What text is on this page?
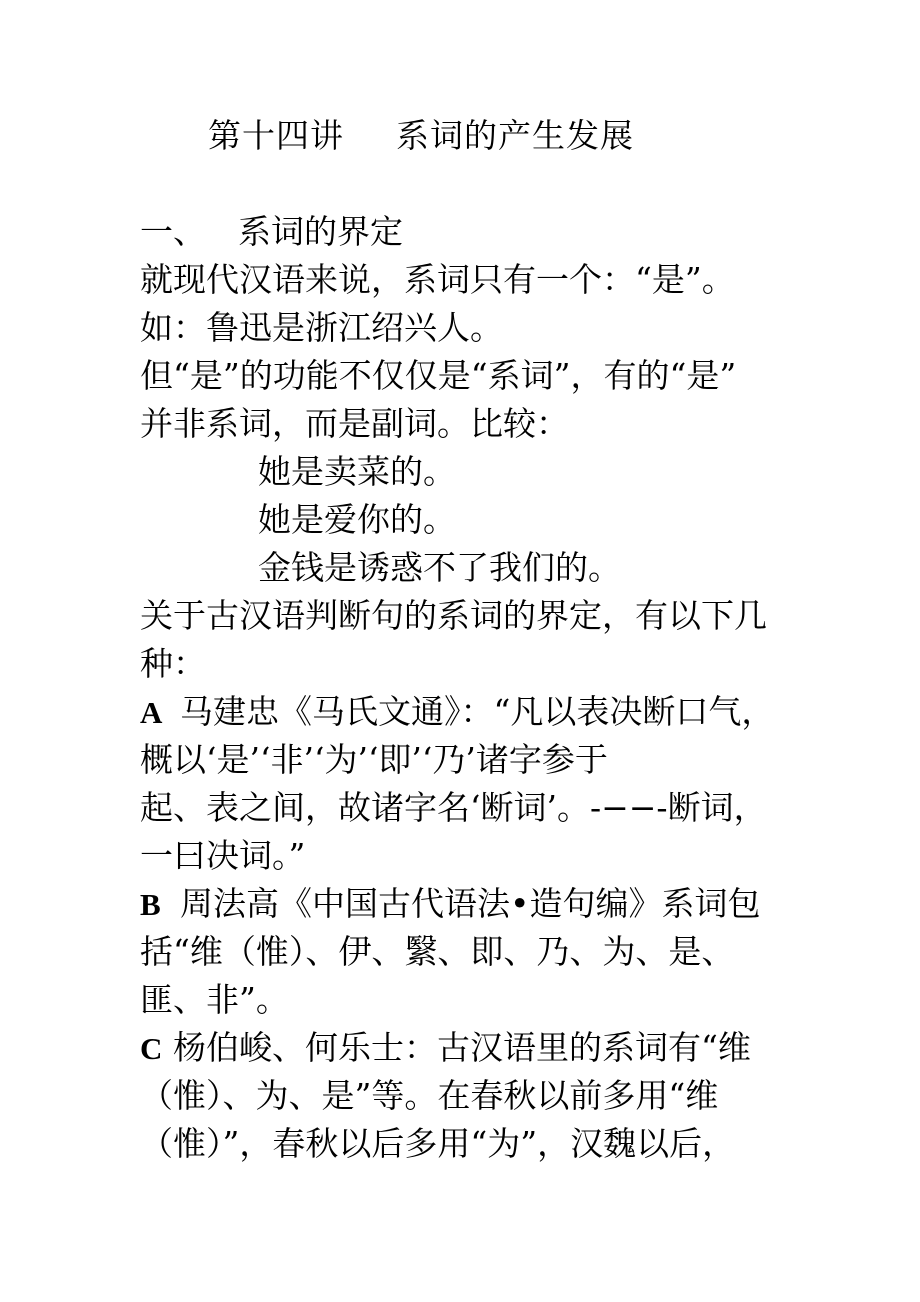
第十四讲 系词的产生发展
一、 系词的界定
就现代汉语来说，系词只有一个：“是”。
如：鲁迅是浙江绍兴人。
但“是”的功能不仅仅是“系词”，有的“是”
并非系词，而是副词。比较：
她是卖菜的。
她是爱你的。
金钱是诱惑不了我们的。
关于古汉语判断句的系词的界定，有以下几
种：
A 马建忠《马氏文通》：“凡以表决断口气，
概以‘是’‘非’‘为’‘即’‘乃’诸字参于
起、表之间，故诸字名‘断词’。-−−-断词，
一曰决词。”
B 周法高《中国古代语法•造句编》系词包
括“维（惟）、伊、繄、即、乃、为、是、
匪、非”。
C 杨伯峻、何乐士：古汉语里的系词有“维
（惟）、为、是”等。在春秋以前多用“维
（惟）”，春秋以后多用“为”，汉魏以后，
